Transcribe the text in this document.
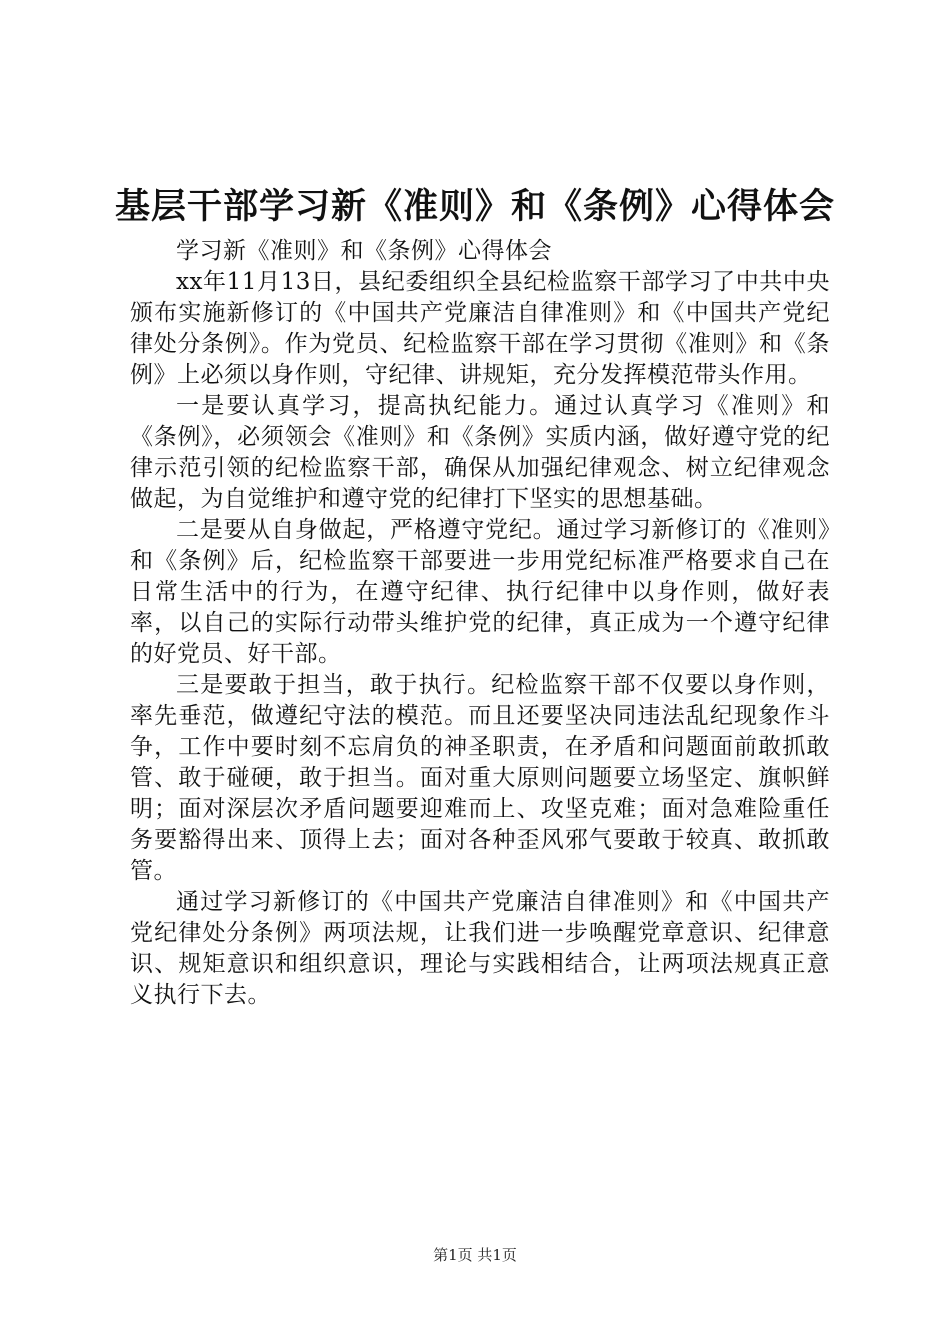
基层干部学习新《准则》和《条例》心得体会

学习新《准则》和《条例》心得体会

xx年11月13日，县纪委组织全县纪检监察干部学习了中共中央颁布实施新修订的《中国共产党廉洁自律准则》和《中国共产党纪律处分条例》。作为党员、纪检监察干部在学习贯彻《准则》和《条例》上必须以身作则，守纪律、讲规矩，充分发挥模范带头作用。

一是要认真学习，提高执纪能力。通过认真学习《准则》和《条例》，必须领会《准则》和《条例》实质内涵，做好遵守党的纪律示范引领的纪检监察干部，确保从加强纪律观念、树立纪律观念做起，为自觉维护和遵守党的纪律打下坚实的思想基础。

二是要从自身做起，严格遵守党纪。通过学习新修订的《准则》和《条例》后，纪检监察干部要进一步用党纪标准严格要求自己在日常生活中的行为，在遵守纪律、执行纪律中以身作则，做好表率，以自己的实际行动带头维护党的纪律，真正成为一个遵守纪律的好党员、好干部。

三是要敢于担当，敢于执行。纪检监察干部不仅要以身作则，率先垂范，做遵纪守法的模范。而且还要坚决同违法乱纪现象作斗争，工作中要时刻不忘肩负的神圣职责，在矛盾和问题面前敢抓敢管、敢于碰硬，敢于担当。面对重大原则问题要立场坚定、旗帜鲜明；面对深层次矛盾问题要迎难而上、攻坚克难；面对急难险重任务要豁得出来、顶得上去；面对各种歪风邪气要敢于较真、敢抓敢管。

通过学习新修订的《中国共产党廉洁自律准则》和《中国共产党纪律处分条例》两项法规，让我们进一步唤醒党章意识、纪律意识、规矩意识和组织意识，理论与实践相结合，让两项法规真正意义执行下去。

第1页 共1页
